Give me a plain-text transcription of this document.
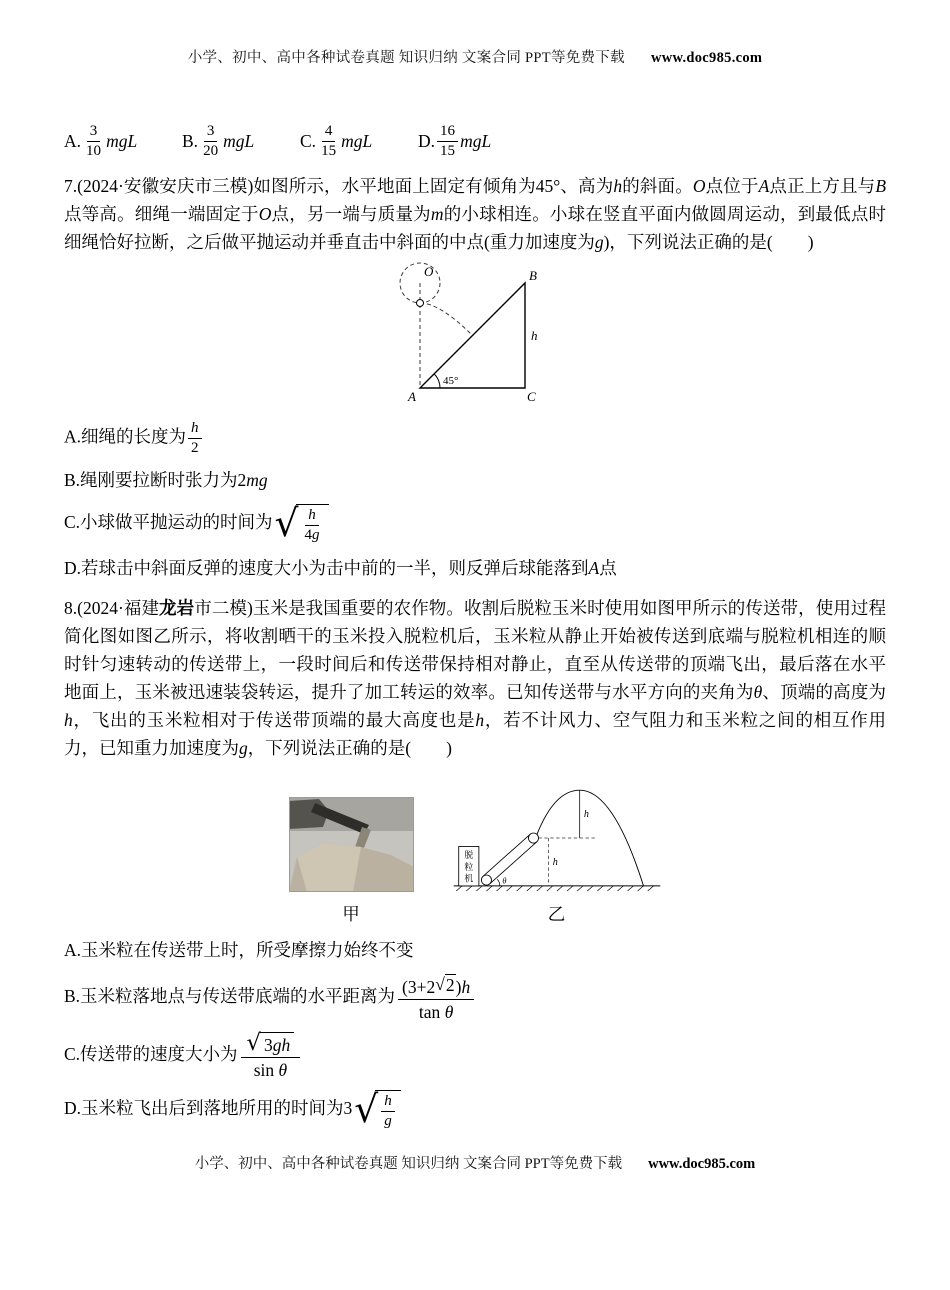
小学、初中、高中各种试卷真题 知识归纳 文案合同 PPT等免费下载 www.doc985.com
A. $\frac{3}{10}$ mgL	B. $\frac{3}{20}$ mgL	C. $\frac{4}{15}$ mgL	D. $\frac{16}{15}$ mgL

7.(2024·安徽安庆市三模)如图所示，水平地面上固定有倾角为45°、高为h的斜面。O点位于A点正上方且与B点等高。细绳一端固定于O点，另一端与质量为m的小球相连。小球在竖直平面内做圆周运动，到最低点时细绳恰好拉断，之后做平抛运动并垂直击中斜面的中点(重力加速度为g)，下列说法正确的是(　　)

45°
O	B
A	C
h

A.细绳的长度为 $\frac{h}{2}$

B.绳刚要拉断时张力为2mg

C.小球做平抛运动的时间为 √ $\frac{h}{4g}$

D.若球击中斜面反弹的速度大小为击中前的一半，则反弹后球能落到A点

8.(2024·福建龙岩市二模)玉米是我国重要的农作物。收割后脱粒玉米时使用如图甲所示的传送带，使用过程简化图如图乙所示，将收割晒干的玉米投入脱粒机后，玉米粒从静止开始被传送到底端与脱粒机相连的顺时针匀速转动的传送带上，一段时间后和传送带保持相对静止，直至从传送带的顶端飞出，最后落在水平地面上，玉米被迅速装袋转运，提升了加工转运的效率。已知传送带与水平方向的夹角为θ、顶端的高度为h，飞出的玉米粒相对于传送带顶端的最大高度也是h，若不计风力、空气阻力和玉米粒之间的相互作用力，已知重力加速度为g，下列说法正确的是(　　)

甲
脱
粒
机	θ
h
h
乙

A.玉米粒在传送带上时，所受摩擦力始终不变

B.玉米粒落地点与传送带底端的水平距离为 $\frac{(3+2 √ 2 ) h}{\text{tan θ}}$

C.传送带的速度大小为 $\frac{√ 3gh}{\text{sin θ}}$

D.玉米粒飞出后到落地所用的时间为3 √ $\frac{h}{g}$

小学、初中、高中各种试卷真题 知识归纳 文案合同 PPT等免费下载 www.doc985.com
